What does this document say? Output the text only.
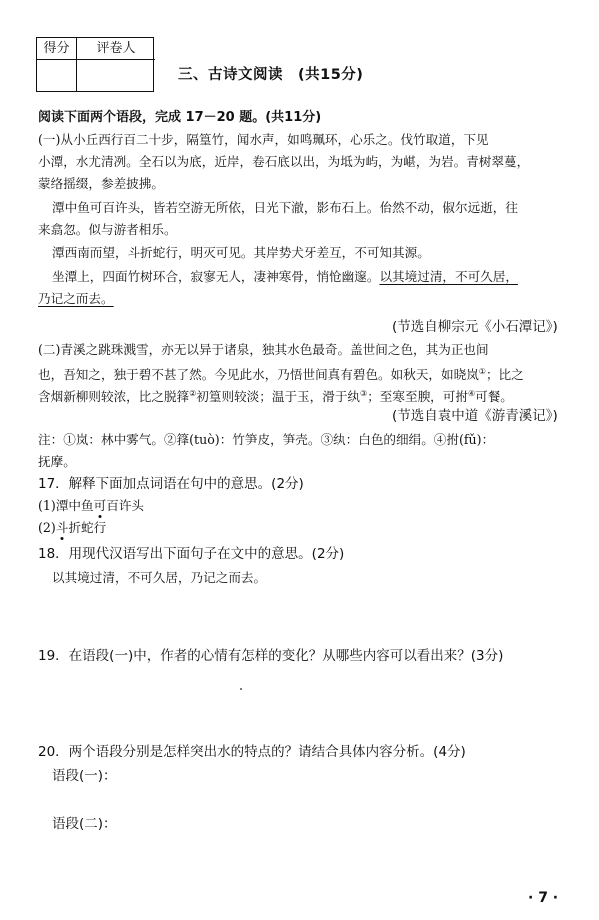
得分	评卷人
三、古诗文阅读　(共15分)
阅读下面两个语段，完成 17－20 题。(共11分)
(一)从小丘西行百二十步，隔篁竹，闻水声，如鸣珮环，心乐之。伐竹取道，下见
小潭，水尤清冽。全石以为底，近岸，卷石底以出，为坻为屿，为嵁，为岩。青树翠蔓，
蒙络摇缀，参差披拂。
潭中鱼可百许头，皆若空游无所依，日光下澈，影布石上。佁然不动，俶尔远逝，往
来翕忽。似与游者相乐。
潭西南而望，斗折蛇行，明灭可见。其岸势犬牙差互，不可知其源。
坐潭上，四面竹树环合，寂寥无人，凄神寒骨，悄怆幽邃。以其境过清，不可久居，
乃记之而去。
(节选自柳宗元《小石潭记》)
(二)青溪之跳珠溅雪，亦无以异于诸泉，独其水色最奇。盖世间之色，其为正也间
也，吾知之，独于碧不甚了然。今见此水，乃悟世间真有碧色。如秋天，如晓岚①；比之
含烟新柳则较浓，比之脱箨②初篁则较淡；温于玉，滑于纨③；至寒至腴，可拊④可餐。
(节选自袁中道《游青溪记》)
注：①岚：林中雾气。②箨(tuò)：竹笋皮，笋壳。③纨：白色的细绢。④拊(fǔ)：
抚摩。
17．解释下面加点词语在句中的意思。(2分)
(1)潭中鱼可百许头
(2)斗折蛇行
18．用现代汉语写出下面句子在文中的意思。(2分)
以其境过清，不可久居，乃记之而去。
19．在语段(一)中，作者的心情有怎样的变化？从哪些内容可以看出来？(3分)
20．两个语段分别是怎样突出水的特点的？请结合具体内容分析。(4分)
语段(一)：
语段(二)：
· 7 ·
